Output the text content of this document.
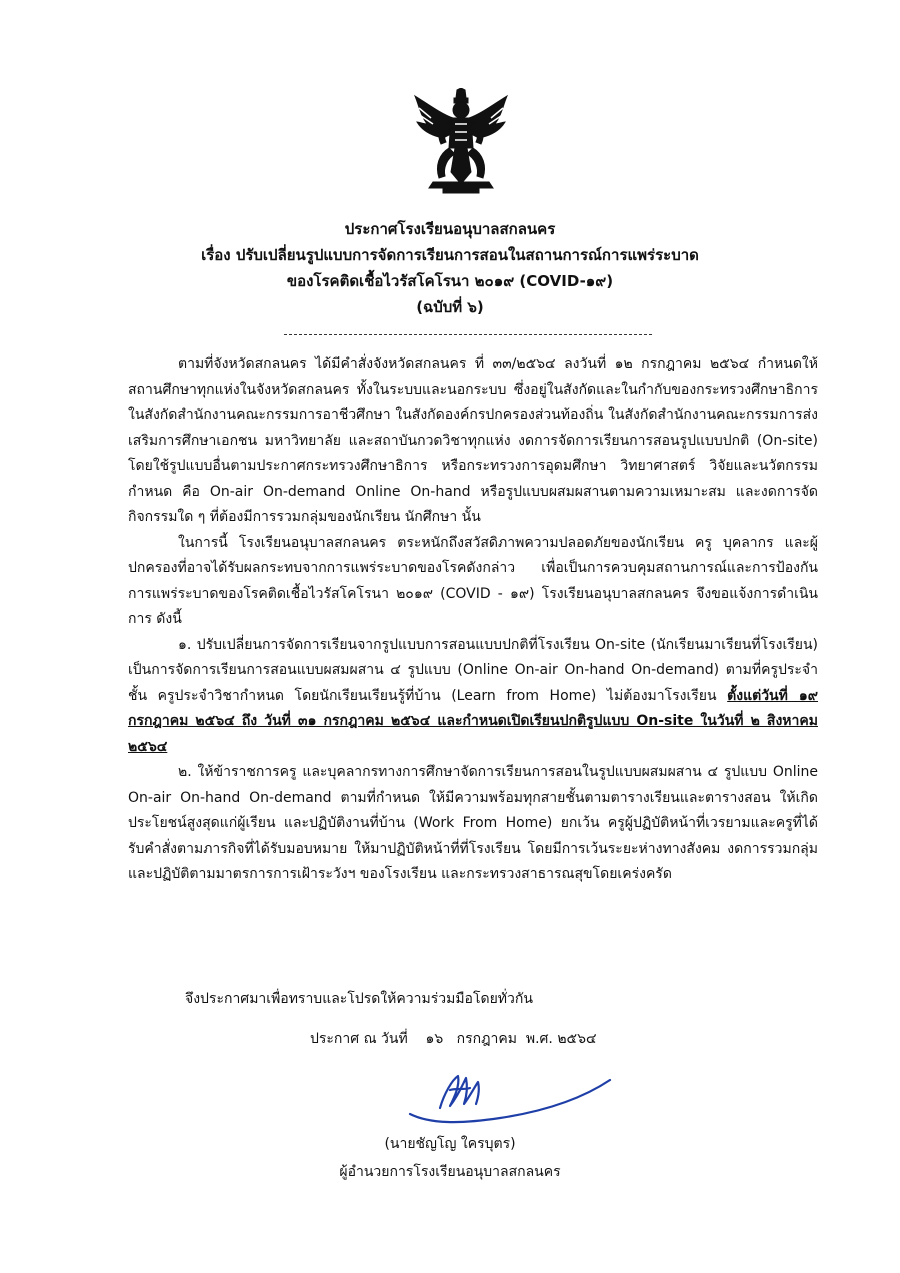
ประกาศโรงเรียนอนุบาลสกลนคร
เรื่อง ปรับเปลี่ยนรูปแบบการจัดการเรียนการสอนในสถานการณ์การแพร่ระบาด
ของโรคติดเชื้อไวรัสโคโรนา ๒๐๑๙ (COVID-๑๙)
(ฉบับที่ ๖)

ตามที่จังหวัดสกลนคร ได้มีคำสั่งจังหวัดสกลนคร ที่ ๓๓/๒๕๖๔ ลงวันที่ ๑๒ กรกฎาคม ๒๕๖๔ กำหนดให้สถานศึกษาทุกแห่งในจังหวัดสกลนคร ทั้งในระบบและนอกระบบ ซึ่งอยู่ในสังกัดและในกำกับของกระทรวงศึกษาธิการ ในสังกัดสำนักงานคณะกรรมการอาชีวศึกษา ในสังกัดองค์กรปกครองส่วนท้องถิ่น ในสังกัดสำนักงานคณะกรรมการส่งเสริมการศึกษาเอกชน มหาวิทยาลัย และสถาบันกวดวิชาทุกแห่ง งดการจัดการเรียนการสอนรูปแบบปกติ (On-site) โดยใช้รูปแบบอื่นตามประกาศกระทรวงศึกษาธิการ หรือกระทรวงการอุดมศึกษา วิทยาศาสตร์ วิจัยและนวัตกรรม กำหนด คือ On-air On-demand Online On-hand หรือรูปแบบผสมผสานตามความเหมาะสม และงดการจัดกิจกรรมใด ๆ ที่ต้องมีการรวมกลุ่มของนักเรียน นักศึกษา นั้น

ในการนี้ โรงเรียนอนุบาลสกลนคร ตระหนักถึงสวัสดิภาพความปลอดภัยของนักเรียน ครู บุคลากร และผู้ปกครองที่อาจได้รับผลกระทบจากการแพร่ระบาดของโรคดังกล่าว เพื่อเป็นการควบคุมสถานการณ์และการป้องกันการแพร่ระบาดของโรคติดเชื้อไวรัสโคโรนา ๒๐๑๙ (COVID - ๑๙) โรงเรียนอนุบาลสกลนคร จึงขอแจ้งการดำเนินการ ดังนี้

๑. ปรับเปลี่ยนการจัดการเรียนจากรูปแบบการสอนแบบปกติที่โรงเรียน On-site (นักเรียนมาเรียนที่โรงเรียน) เป็นการจัดการเรียนการสอนแบบผสมผสาน ๔ รูปแบบ (Online On-air On-hand On-demand) ตามที่ครูประจำชั้น ครูประจำวิชากำหนด โดยนักเรียนเรียนรู้ที่บ้าน (Learn from Home) ไม่ต้องมาโรงเรียน ตั้งแต่วันที่ ๑๙ กรกฎาคม ๒๕๖๔ ถึง วันที่ ๓๑ กรกฎาคม ๒๕๖๔ และกำหนดเปิดเรียนปกติรูปแบบ On-site ในวันที่ ๒ สิงหาคม ๒๕๖๔

๒. ให้ข้าราชการครู และบุคลากรทางการศึกษาจัดการเรียนการสอนในรูปแบบผสมผสาน ๔ รูปแบบ Online On-air On-hand On-demand ตามที่กำหนด ให้มีความพร้อมทุกสายชั้นตามตารางเรียนและตารางสอน ให้เกิดประโยชน์สูงสุดแก่ผู้เรียน และปฏิบัติงานที่บ้าน (Work From Home) ยกเว้น ครูผู้ปฏิบัติหน้าที่เวรยามและครูที่ได้รับคำสั่งตามภารกิจที่ได้รับมอบหมาย ให้มาปฏิบัติหน้าที่ที่โรงเรียน โดยมีการเว้นระยะห่างทางสังคม งดการรวมกลุ่มและปฏิบัติตามมาตรการการเฝ้าระวังฯ ของโรงเรียน และกระทรวงสาธารณสุขโดยเคร่งครัด

จึงประกาศมาเพื่อทราบและโปรดให้ความร่วมมือโดยทั่วกัน
ประกาศ ณ วันที่    ๑๖   กรกฎาคม  พ.ศ. ๒๕๖๔
(นายชัญโญ ใครบุตร)
ผู้อำนวยการโรงเรียนอนุบาลสกลนคร
